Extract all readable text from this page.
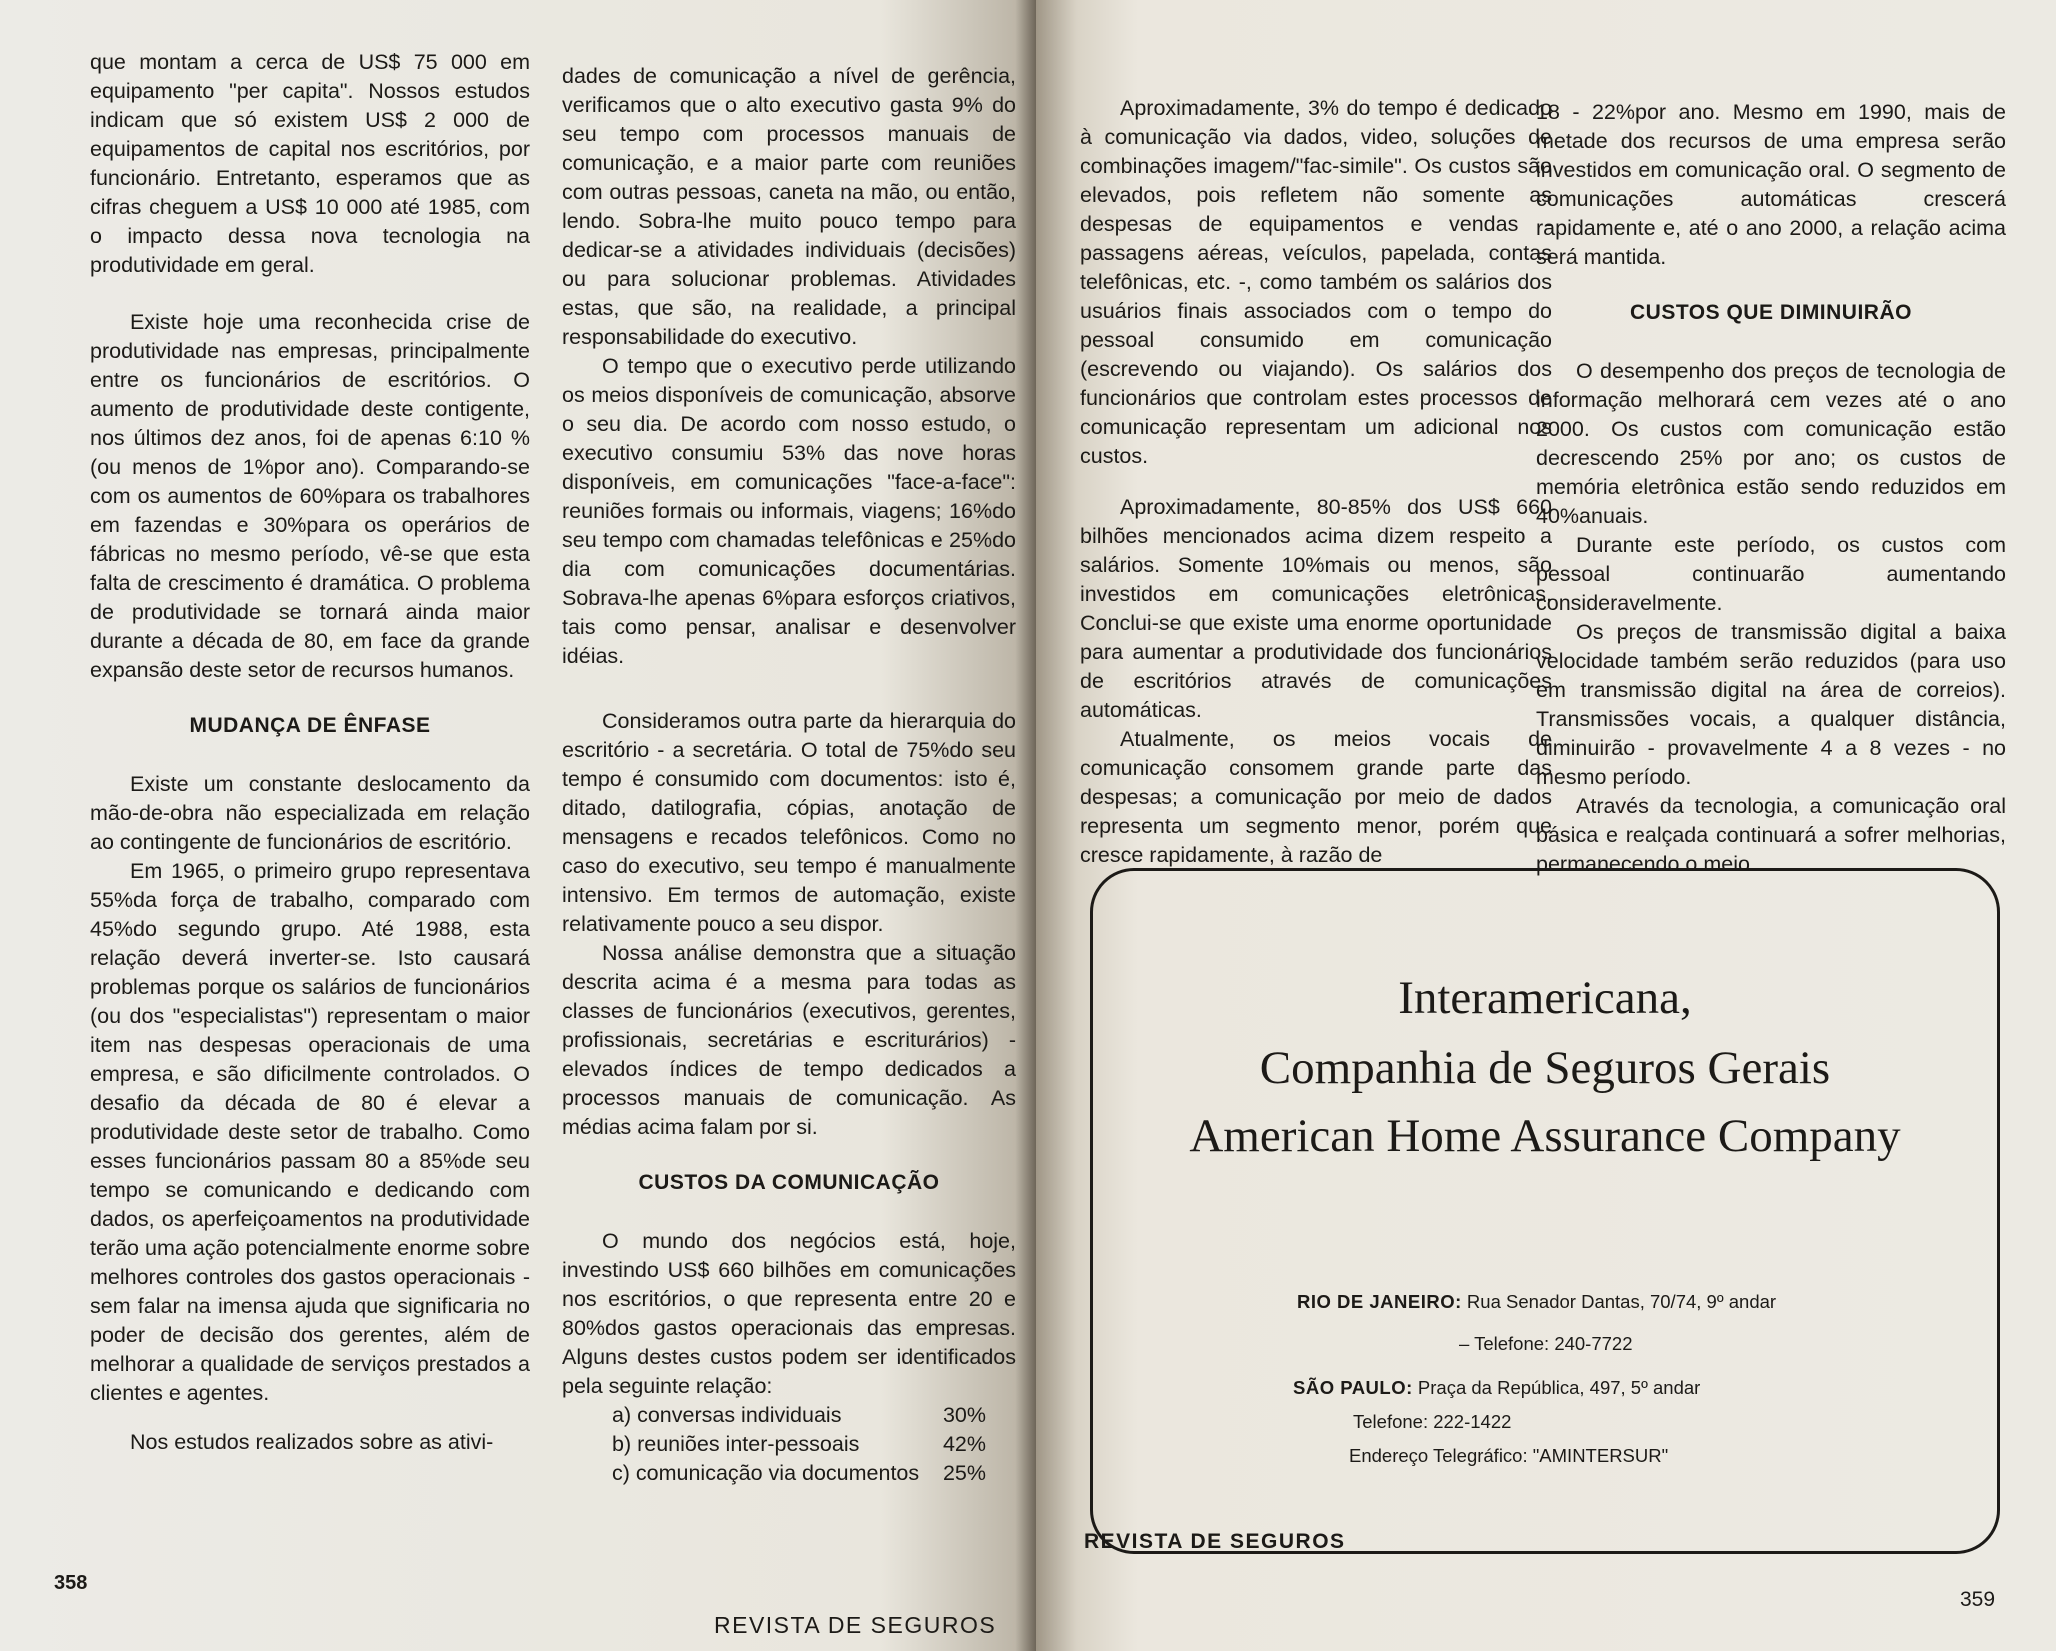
que montam a cerca de US$ 75 000 em equipamento "per capita". Nossos estudos indicam que só existem US$ 2 000 de equipamentos de capital nos escritórios, por funcionário. Entretanto, esperamos que as cifras cheguem a US$ 10 000 até 1985, com o impacto dessa nova tecnologia na produtividade em geral.

Existe hoje uma reconhecida crise de produtividade nas empresas, principalmente entre os funcionários de escritórios. O aumento de produtividade deste contigente, nos últimos dez anos, foi de apenas 6:10 %(ou menos de 1%por ano). Comparando-se com os aumentos de 60%para os trabalhores em fazendas e 30%para os operários de fábricas no mesmo período, vê-se que esta falta de crescimento é dramática. O problema de produtividade se tornará ainda maior durante a década de 80, em face da grande expansão deste setor de recursos humanos.

MUDANÇA DE ÊNFASE

Existe um constante deslocamento da mão-de-obra não especializada em relação ao contingente de funcionários de escritório.

Em 1965, o primeiro grupo representava 55%da força de trabalho, comparado com 45%do segundo grupo. Até 1988, esta relação deverá inverter-se. Isto causará problemas porque os salários de funcionários (ou dos "especialistas") representam o maior item nas despesas operacionais de uma empresa, e são dificilmente controlados. O desafio da década de 80 é elevar a produtividade deste setor de trabalho. Como esses funcionários passam 80 a 85%de seu tempo se comunicando e dedicando com dados, os aperfeiçoamentos na produtividade terão uma ação potencialmente enorme sobre melhores controles dos gastos operacionais - sem falar na imensa ajuda que significaria no poder de decisão dos gerentes, além de melhorar a qualidade de serviços prestados a clientes e agentes.

Nos estudos realizados sobre as ativi-

dades de comunicação a nível de gerência, verificamos que o alto executivo gasta 9% do seu tempo com processos manuais de comunicação, e a maior parte com reuniões com outras pessoas, caneta na mão, ou então, lendo. Sobra-lhe muito pouco tempo para dedicar-se a atividades individuais (decisões) ou para solucionar problemas. Atividades estas, que são, na realidade, a principal responsabilidade do executivo.

O tempo que o executivo perde utilizando os meios disponíveis de comunicação, absorve o seu dia. De acordo com nosso estudo, o executivo consumiu 53% das nove horas disponíveis, em comunicações "face-a-face": reuniões formais ou informais, viagens; 16%do seu tempo com chamadas telefônicas e 25%do dia com comunicações documentárias. Sobrava-lhe apenas 6%para esforços criativos, tais como pensar, analisar e desenvolver idéias.

Consideramos outra parte da hierarquia do escritório - a secretária. O total de 75%do seu tempo é consumido com documentos: isto é, ditado, datilografia, cópias, anotação de mensagens e recados telefônicos. Como no caso do executivo, seu tempo é manualmente intensivo. Em termos de automação, existe relativamente pouco a seu dispor.

Nossa análise demonstra que a situação descrita acima é a mesma para todas as classes de funcionários (executivos, gerentes, profissionais, secretárias e escriturários) - elevados índices de tempo dedicados a processos manuais de comunicação. As médias acima falam por si.

CUSTOS DA COMUNICAÇÃO

O mundo dos negócios está, hoje, investindo US$ 660 bilhões em comunicações nos escritórios, o que representa entre 20 e 80%dos gastos operacionais das empresas. Alguns destes custos podem ser identificados pela seguinte relação:

30%
a) conversas individuais

42%
b) reuniões inter-pessoais

25%
c) comunicação via documentos

358
REVISTA DE SEGUROS

Aproximadamente, 3% do tempo é dedicado à comunicação via dados, video, soluções de combinações imagem/"fac-simile". Os custos são elevados, pois refletem não somente as despesas de equipamentos e vendas - passagens aéreas, veículos, papelada, contas telefônicas, etc. -, como também os salários dos usuários finais associados com o tempo do pessoal consumido em comunicação (escrevendo ou viajando). Os salários dos funcionários que controlam estes processos de comunicação representam um adicional nos custos.

Aproximadamente, 80-85% dos US$ 660 bilhões mencionados acima dizem respeito a salários. Somente 10%mais ou menos, são investidos em comunicações eletrônicas. Conclui-se que existe uma enorme oportunidade para aumentar a produtividade dos funcionários de escritórios através de comunicações automáticas.

Atualmente, os meios vocais de comunicação consomem grande parte das despesas; a comunicação por meio de dados representa um segmento menor, porém que cresce rapidamente, à razão de

18 - 22%por ano. Mesmo em 1990, mais de metade dos recursos de uma empresa serão investidos em comunicação oral. O segmento de comunicações automáticas crescerá rapidamente e, até o ano 2000, a relação acima será mantida.

CUSTOS QUE DIMINUIRÃO

O desempenho dos preços de tecnologia de informação melhorará cem vezes até o ano 2000. Os custos com comunicação estão decrescendo 25% por ano; os custos de memória eletrônica estão sendo reduzidos em 40%anuais.

Durante este período, os custos com pessoal continuarão aumentando consideravelmente.

Os preços de transmissão digital a baixa velocidade também serão reduzidos (para uso em transmissão digital na área de correios). Transmissões vocais, a qualquer distância, diminuirão - provavelmente 4 a 8 vezes - no mesmo período.

Através da tecnologia, a comunicação oral básica e realçada continuará a sofrer melhorias, permanecendo o meio

REVISTA DE SEGUROS
359
Interamericana,
Companhia de Seguros Gerais
American Home Assurance Company
RIO DE JANEIRO: Rua Senador Dantas, 70/74, 9º andar
– Telefone: 240-7722
SÃO PAULO: Praça da República, 497, 5º andar
Telefone: 222-1422
Endereço Telegráfico: "AMINTERSUR"
